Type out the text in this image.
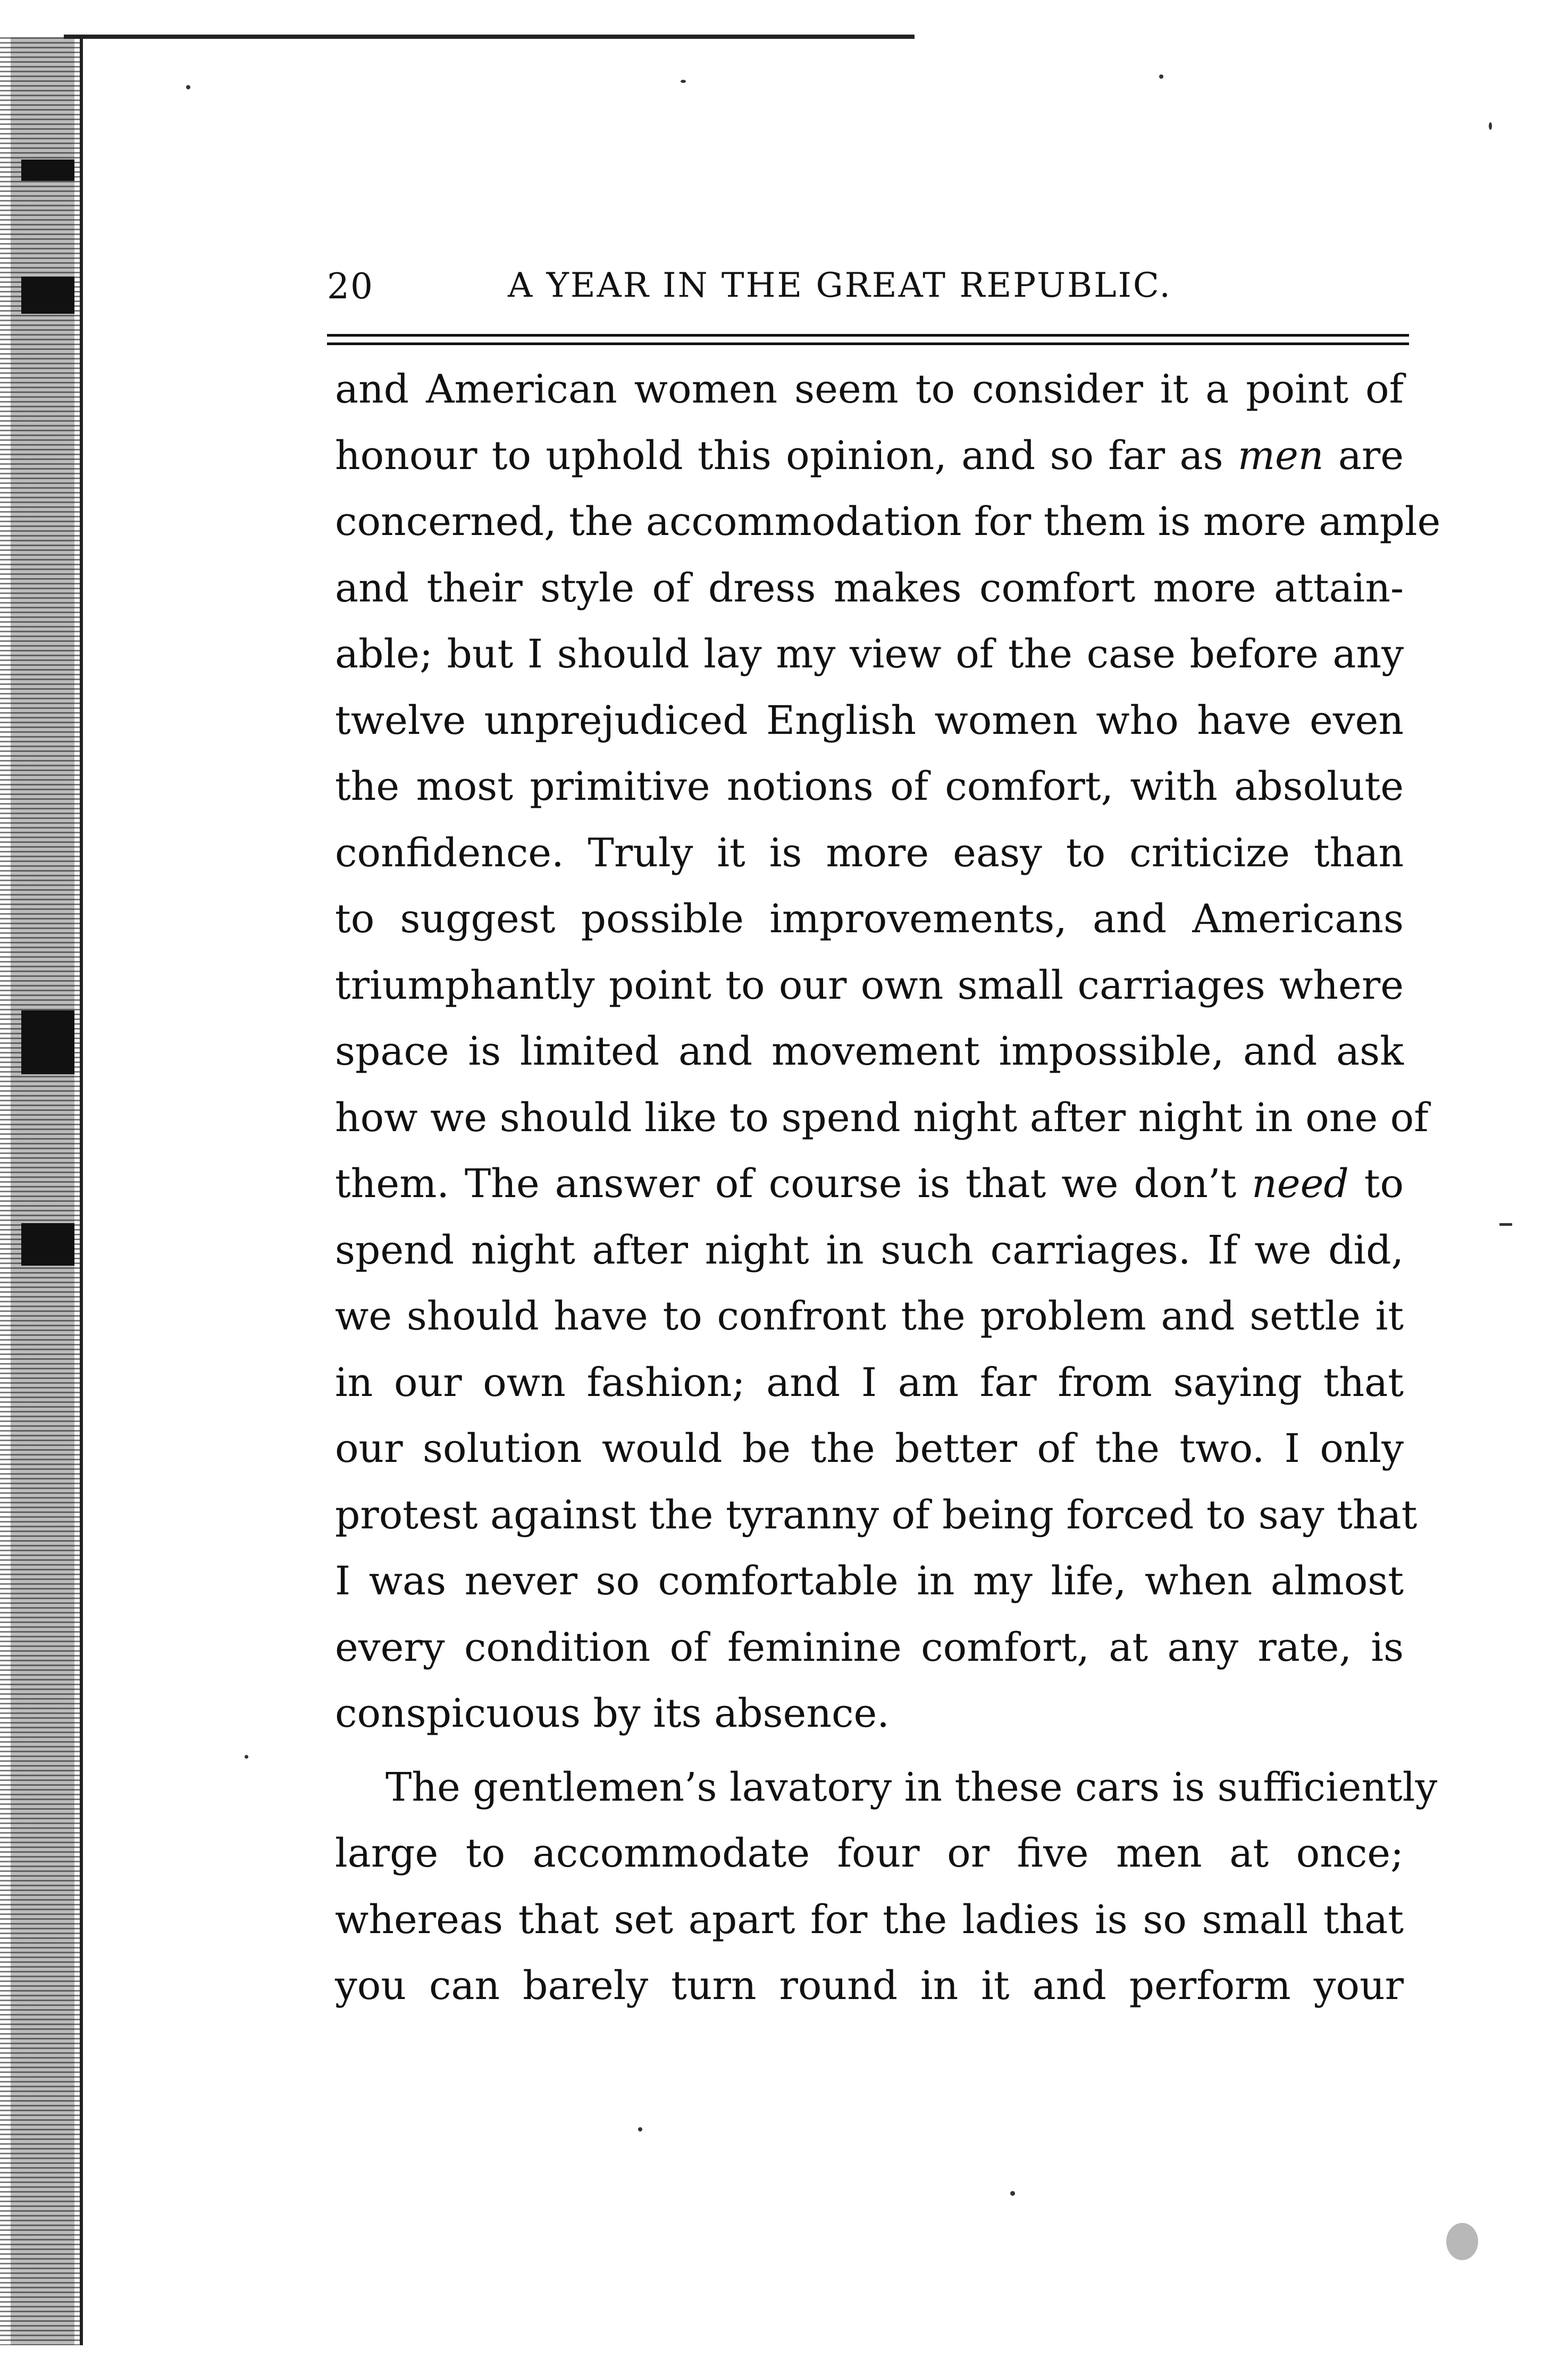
20	A YEAR IN THE GREAT REPUBLIC.
and American women seem to consider it a point of
honour to uphold this opinion, and so far as men are
concerned, the accommodation for them is more ample
and their style of dress makes comfort more attain-
able; but I should lay my view of the case before any
twelve unprejudiced English women who have even
the most primitive notions of comfort, with absolute
confidence. Truly it is more easy to criticize than
to suggest possible improvements, and Americans
triumphantly point to our own small carriages where
space is limited and movement impossible, and ask
how we should like to spend night after night in one of
them. The answer of course is that we don’t need to
spend night after night in such carriages. If we did,
we should have to confront the problem and settle it
in our own fashion; and I am far from saying that
our solution would be the better of the two. I only
protest against the tyranny of being forced to say that
I was never so comfortable in my life, when almost
every condition of feminine comfort, at any rate, is
conspicuous by its absence.
The gentlemen’s lavatory in these cars is sufficiently
large to accommodate four or five men at once;
whereas that set apart for the ladies is so small that
you can barely turn round in it and perform your
